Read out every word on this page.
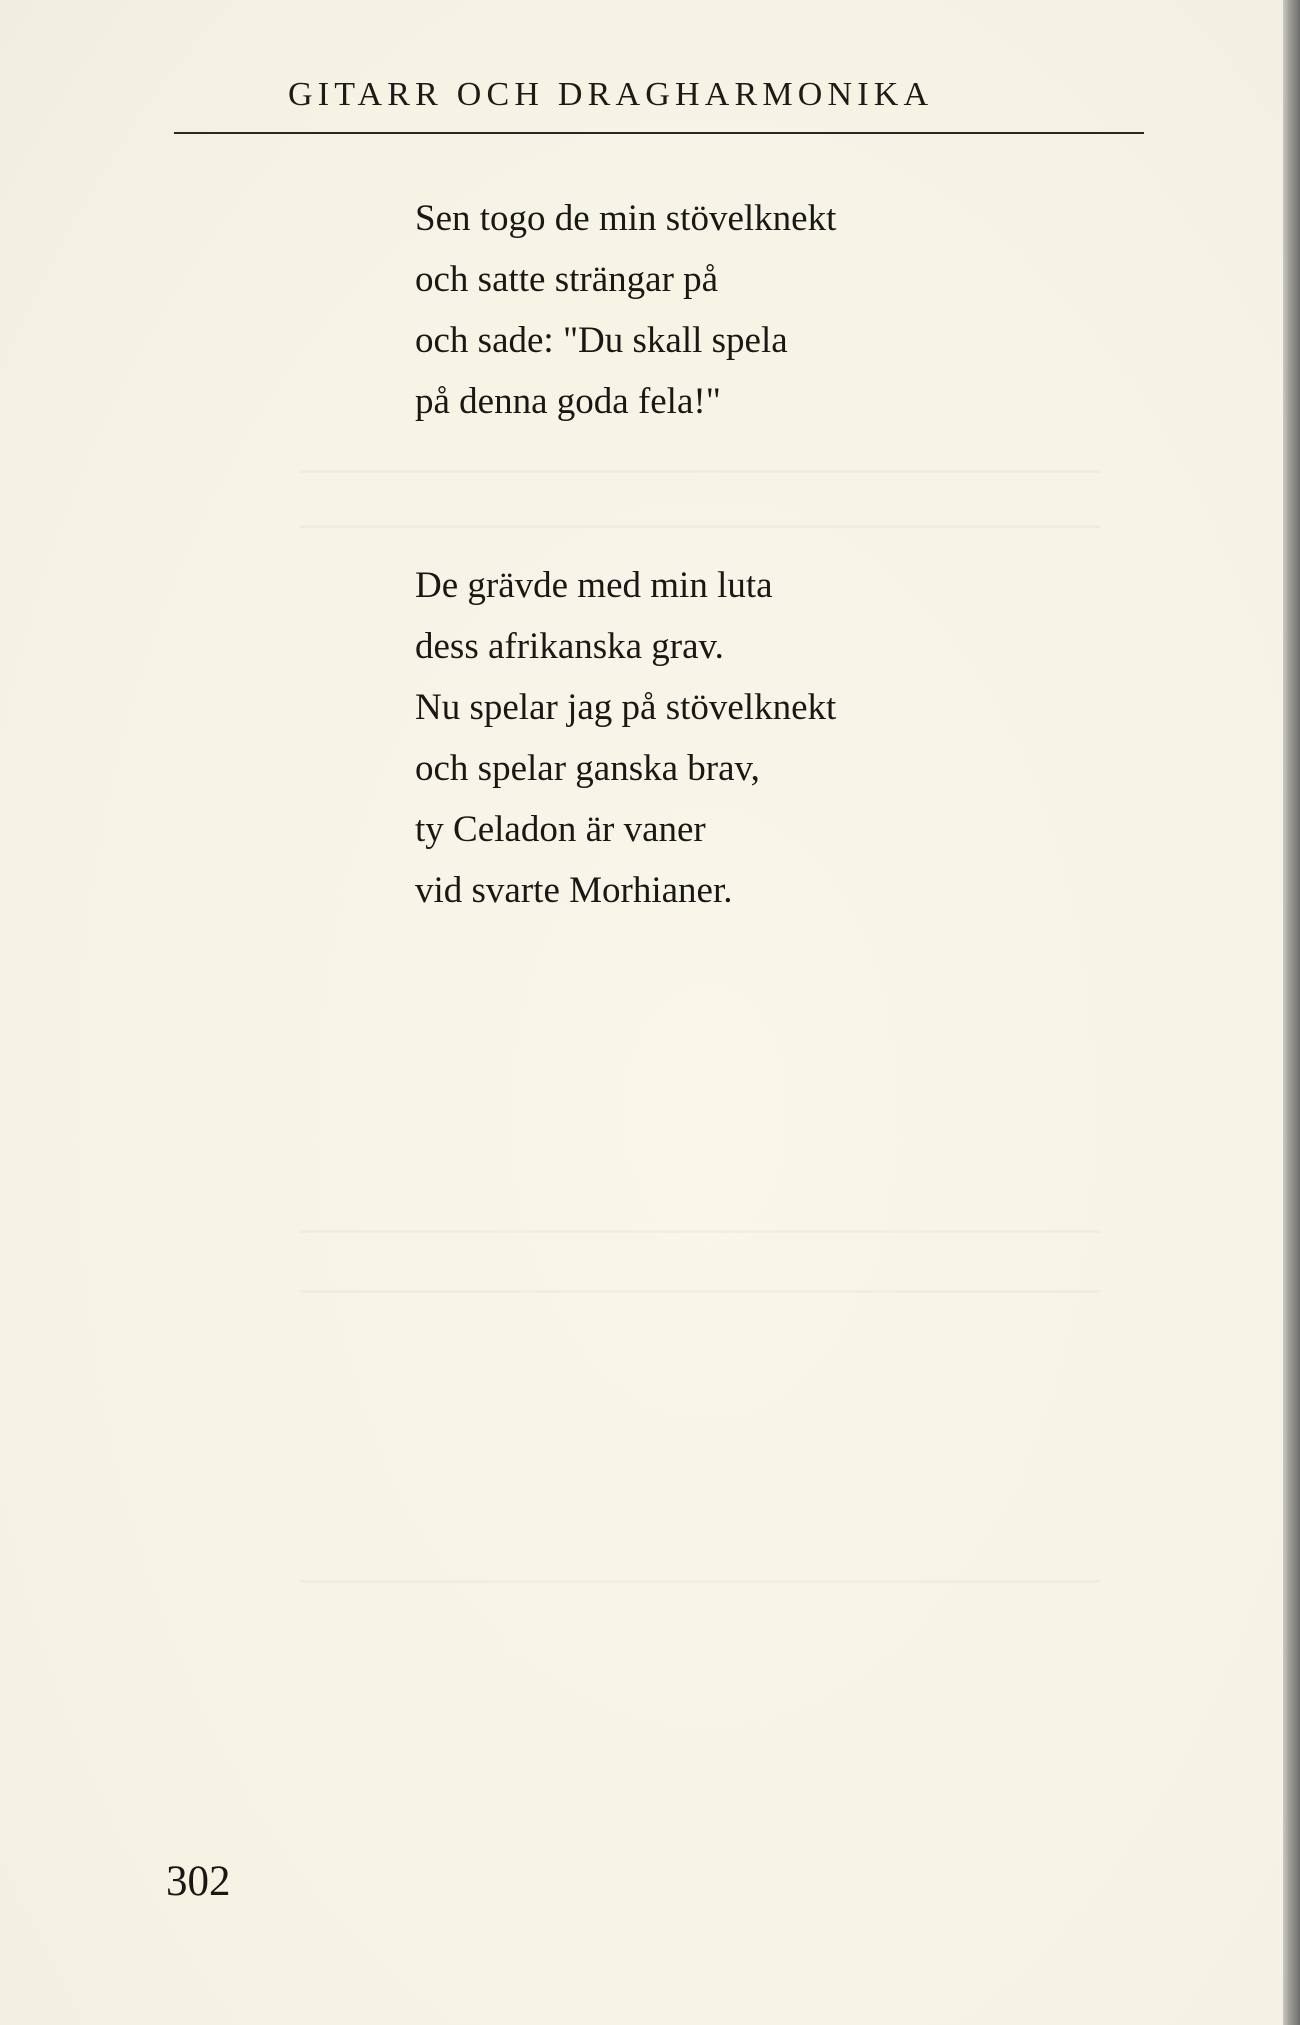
GITARR OCH DRAGHARMONIKA
Sen togo de min stövelknekt
och satte strängar på
och sade: "Du skall spela
på denna goda fela!"
De grävde med min luta
dess afrikanska grav.
Nu spelar jag på stövelknekt
och spelar ganska brav,
ty Celadon är vaner
vid svarte Morhianer.
302
